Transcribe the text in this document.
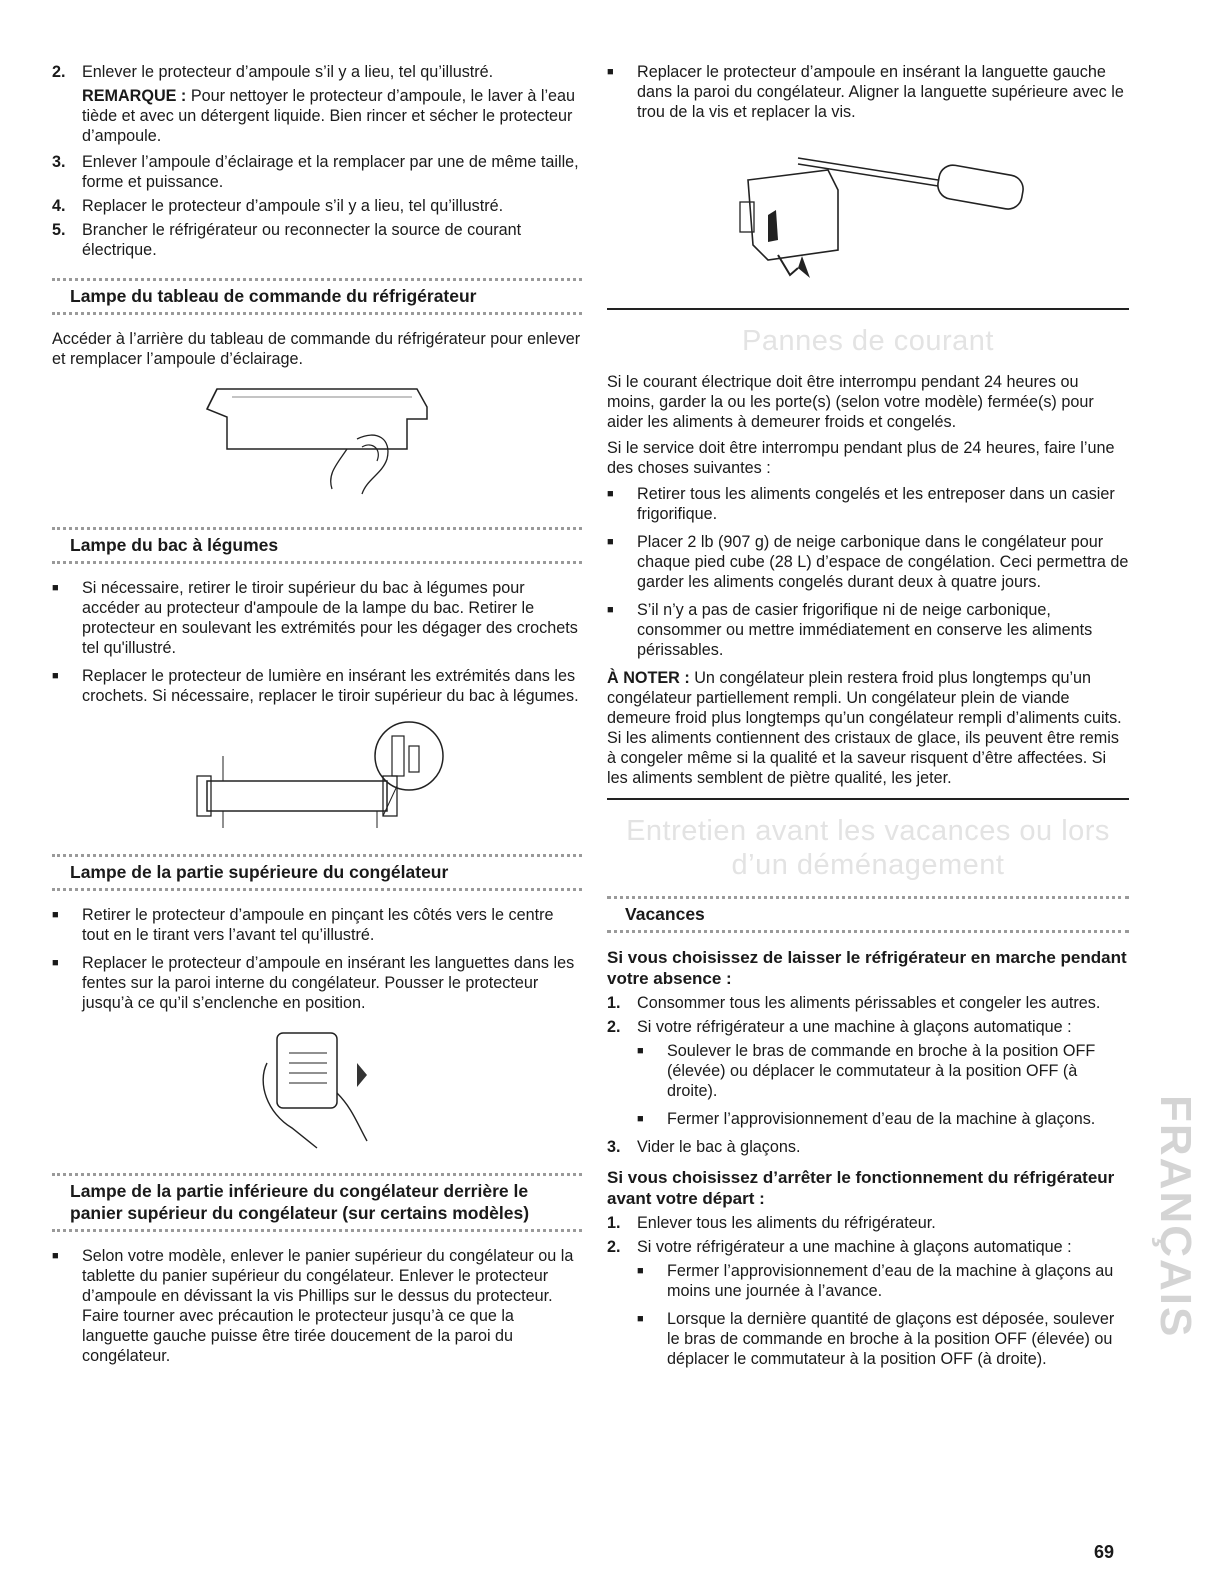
2.	Enlever le protecteur d’ampoule s’il y a lieu, tel qu’illustré.

REMARQUE : Pour nettoyer le protecteur d’ampoule, le laver à l’eau tiède et avec un détergent liquide. Bien rincer et sécher le protecteur d’ampoule.

3.	Enlever l’ampoule d’éclairage et la remplacer par une de même taille, forme et puissance.
4.	Replacer le protecteur d’ampoule s’il y a lieu, tel qu’illustré.
5.	Brancher le réfrigérateur ou reconnecter la source de courant électrique.
Lampe du tableau de commande du réfrigérateur

Accéder à l’arrière du tableau de commande du réfrigérateur pour enlever et remplacer l’ampoule d’éclairage.

Lampe du bac à légumes
■	Si nécessaire, retirer le tiroir supérieur du bac à légumes pour accéder au protecteur d'ampoule de la lampe du bac. Retirer le protecteur en soulevant les extrémités pour les dégager des crochets tel qu'illustré.
■	Replacer le protecteur de lumière en insérant les extrémités dans les crochets. Si nécessaire, replacer le tiroir supérieur du bac à légumes.
Lampe de la partie supérieure du congélateur
■	Retirer le protecteur d’ampoule en pinçant les côtés vers le centre tout en le tirant vers l’avant tel qu’illustré.
■	Replacer le protecteur d’ampoule en insérant les languettes dans les fentes sur la paroi interne du congélateur. Pousser le protecteur jusqu’à ce qu’il s’enclenche en position.
Lampe de la partie inférieure du congélateur derrière le
panier supérieur du congélateur (sur certains modèles)
■	Selon votre modèle, enlever le panier supérieur du congélateur ou la tablette du panier supérieur du congélateur. Enlever le protecteur d’ampoule en dévissant la vis Phillips sur le dessus du protecteur. Faire tourner avec précaution le protecteur jusqu’à ce que la languette gauche puisse être tirée doucement de la paroi du congélateur.
■	Replacer le protecteur d’ampoule en insérant la languette gauche dans la paroi du congélateur. Aligner la languette supérieure avec le trou de la vis et replacer la vis.
Pannes de courant

Si le courant électrique doit être interrompu pendant 24 heures ou moins, garder la ou les porte(s) (selon votre modèle) fermée(s) pour aider les aliments à demeurer froids et congelés.

Si le service doit être interrompu pendant plus de 24 heures, faire l’une des choses suivantes :

■	Retirer tous les aliments congelés et les entreposer dans un casier frigorifique.
■	Placer 2 lb (907 g) de neige carbonique dans le congélateur pour chaque pied cube (28 L) d’espace de congélation. Ceci permettra de garder les aliments congelés durant deux à quatre jours.
■	S’il n’y a pas de casier frigorifique ni de neige carbonique, consommer ou mettre immédiatement en conserve les aliments périssables.

À NOTER : Un congélateur plein restera froid plus longtemps qu’un congélateur partiellement rempli. Un congélateur plein de viande demeure froid plus longtemps qu’un congélateur rempli d’aliments cuits. Si les aliments contiennent des cristaux de glace, ils peuvent être remis à congeler même si la qualité et la saveur risquent d’être affectées. Si les aliments semblent de piètre qualité, les jeter.

Entretien avant les vacances ou lors
d’un déménagement
Vacances
Si vous choisissez de laisser le réfrigérateur en marche pendant votre absence :
1.	Consommer tous les aliments périssables et congeler les autres.
2.	Si votre réfrigérateur a une machine à glaçons automatique :
■	Soulever le bras de commande en broche à la position OFF (élevée) ou déplacer le commutateur à la position OFF (à droite).
■	Fermer l’approvisionnement d’eau de la machine à glaçons.
3.	Vider le bac à glaçons.
Si vous choisissez d’arrêter le fonctionnement du réfrigérateur avant votre départ :
1.	Enlever tous les aliments du réfrigérateur.
2.	Si votre réfrigérateur a une machine à glaçons automatique :
■	Fermer l’approvisionnement d’eau de la machine à glaçons au moins une journée à l’avance.
■	Lorsque la dernière quantité de glaçons est déposée, soulever le bras de commande en broche à la position OFF (élevée) ou déplacer le commutateur à la position OFF (à droite).
FRANÇAIS
69
